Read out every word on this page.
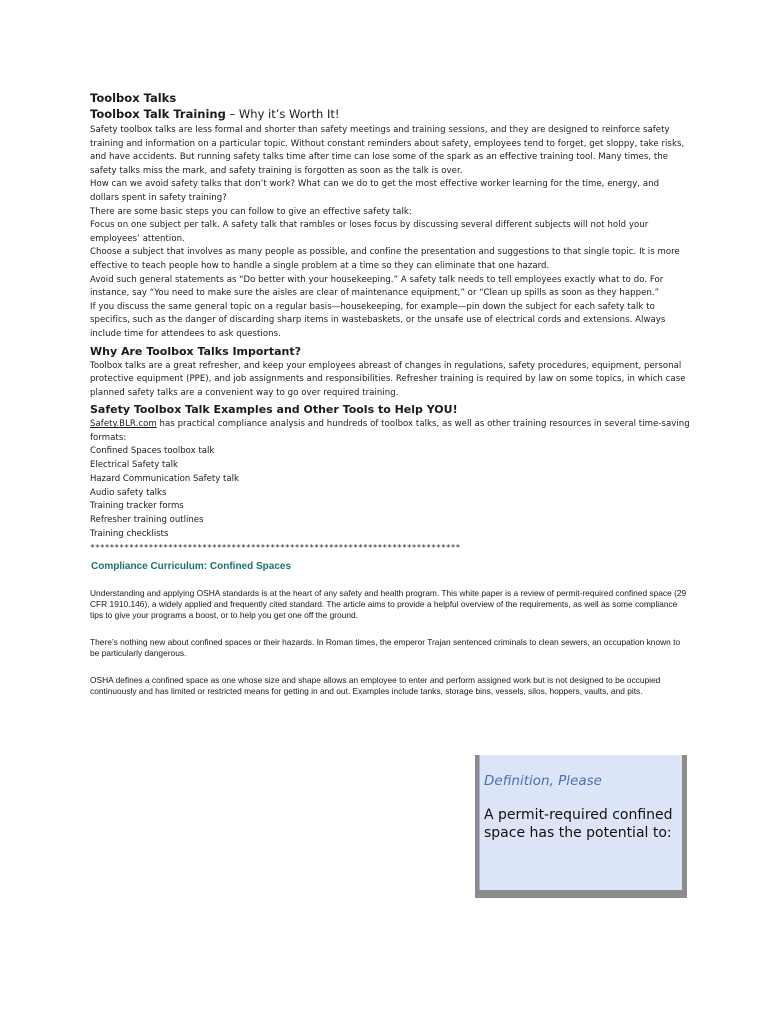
Toolbox Talks

Toolbox Talk Training – Why it’s Worth It!

Safety toolbox talks are less formal and shorter than safety meetings and training sessions, and they are designed to reinforce safety training and information on a particular topic. Without constant reminders about safety, employees tend to forget, get sloppy, take risks, and have accidents. But running safety talks time after time can lose some of the spark as an effective training tool. Many times, the safety talks miss the mark, and safety training is forgotten as soon as the talk is over.

How can we avoid safety talks that don’t work? What can we do to get the most effective worker learning for the time, energy, and dollars spent in safety training?

There are some basic steps you can follow to give an effective safety talk:

Focus on one subject per talk. A safety talk that rambles or loses focus by discussing several different subjects will not hold your employees’ attention.

Choose a subject that involves as many people as possible, and confine the presentation and suggestions to that single topic. It is more effective to teach people how to handle a single problem at a time so they can eliminate that one hazard.

Avoid such general statements as “Do better with your housekeeping.” A safety talk needs to tell employees exactly what to do. For instance, say “You need to make sure the aisles are clear of maintenance equipment,” or “Clean up spills as soon as they happen.”

If you discuss the same general topic on a regular basis—housekeeping, for example—pin down the subject for each safety talk to specifics, such as the danger of discarding sharp items in wastebaskets, or the unsafe use of electrical cords and extensions. Always include time for attendees to ask questions.

Why Are Toolbox Talks Important?

Toolbox talks are a great refresher, and keep your employees abreast of changes in regulations, safety procedures, equipment, personal protective equipment (PPE), and job assignments and responsibilities. Refresher training is required by law on some topics, in which case planned safety talks are a convenient way to go over required training.

Safety Toolbox Talk Examples and Other Tools to Help YOU!

Safety.BLR.com has practical compliance analysis and hundreds of toolbox talks, as well as other training resources in several time-saving formats:

Confined Spaces toolbox talk
Electrical Safety talk
Hazard Communication Safety talk
Audio safety talks
Training tracker forms
Refresher training outlines
Training checklists
****************************************************************************

Compliance Curriculum: Confined Spaces

Understanding and applying OSHA standards is at the heart of any safety and health program. This white paper is a review of permit-required confined space (29 CFR 1910.146), a widely applied and frequently cited standard. The article aims to provide a helpful overview of the requirements, as well as some compliance tips to give your programs a boost, or to help you get one off the ground.

There’s nothing new about confined spaces or their hazards. In Roman times, the emperor Trajan sentenced criminals to clean sewers, an occupation known to be particularly dangerous.

OSHA defines a confined space as one whose size and shape allows an employee to enter and perform assigned work but is not designed to be occupied continuously and has limited or restricted means for getting in and out. Examples include tanks, storage bins, vessels, silos, hoppers, vaults, and pits.

Definition, Please

A permit-required confined space has the potential to:
